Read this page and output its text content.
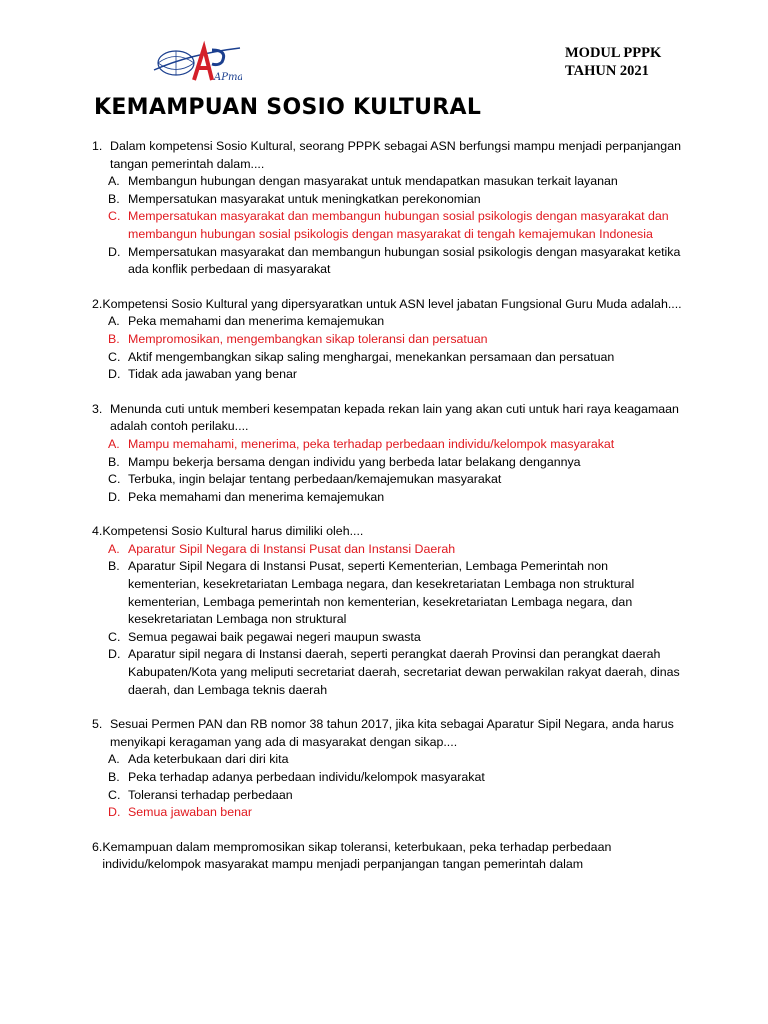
APma
MODUL PPPK
TAHUN 2021
KEMAMPUAN SOSIO KULTURAL
1. Dalam kompetensi Sosio Kultural, seorang PPPK sebagai ASN berfungsi mampu menjadi perpanjangan tangan pemerintah dalam....
A. Membangun hubungan dengan masyarakat untuk mendapatkan masukan terkait layanan
B. Mempersatukan masyarakat untuk meningkatkan perekonomian
C. Mempersatukan masyarakat dan membangun hubungan sosial psikologis dengan masyarakat dan membangun hubungan sosial psikologis dengan masyarakat di tengah kemajemukan Indonesia
D. Mempersatukan masyarakat dan membangun hubungan sosial psikologis dengan masyarakat ketika ada konflik perbedaan di masyarakat
2. Kompetensi Sosio Kultural yang dipersyaratkan untuk ASN level jabatan Fungsional Guru Muda adalah....
A. Peka memahami dan menerima kemajemukan
B. Mempromosikan, mengembangkan sikap toleransi dan persatuan
C. Aktif mengembangkan sikap saling menghargai, menekankan persamaan dan persatuan
D. Tidak ada jawaban yang benar
3. Menunda cuti untuk memberi kesempatan kepada rekan lain yang akan cuti untuk hari raya keagamaan adalah contoh perilaku....
A. Mampu memahami, menerima, peka terhadap perbedaan individu/kelompok masyarakat
B. Mampu bekerja bersama dengan individu yang berbeda latar belakang dengannya
C. Terbuka, ingin belajar tentang perbedaan/kemajemukan masyarakat
D. Peka memahami dan menerima kemajemukan
4. Kompetensi Sosio Kultural harus dimiliki oleh....
A. Aparatur Sipil Negara di Instansi Pusat dan Instansi Daerah
B. Aparatur Sipil Negara di Instansi Pusat, seperti Kementerian, Lembaga Pemerintah non kementerian, kesekretariatan Lembaga negara, dan kesekretariatan Lembaga non struktural kementerian, Lembaga pemerintah non kementerian, kesekretariatan Lembaga negara, dan kesekretariatan Lembaga non struktural
C. Semua pegawai baik pegawai negeri maupun swasta
D. Aparatur sipil negara di Instansi daerah, seperti perangkat daerah Provinsi dan perangkat daerah Kabupaten/Kota yang meliputi secretariat daerah, secretariat dewan perwakilan rakyat daerah, dinas daerah, dan Lembaga teknis daerah
5. Sesuai Permen PAN dan RB nomor 38 tahun 2017, jika kita sebagai Aparatur Sipil Negara, anda harus menyikapi keragaman yang ada di masyarakat dengan sikap....
A. Ada keterbukaan dari diri kita
B. Peka terhadap adanya perbedaan individu/kelompok masyarakat
C. Toleransi terhadap perbedaan
D. Semua jawaban benar
6. Kemampuan dalam mempromosikan sikap toleransi, keterbukaan, peka terhadap perbedaan individu/kelompok masyarakat mampu menjadi perpanjangan tangan pemerintah dalam
